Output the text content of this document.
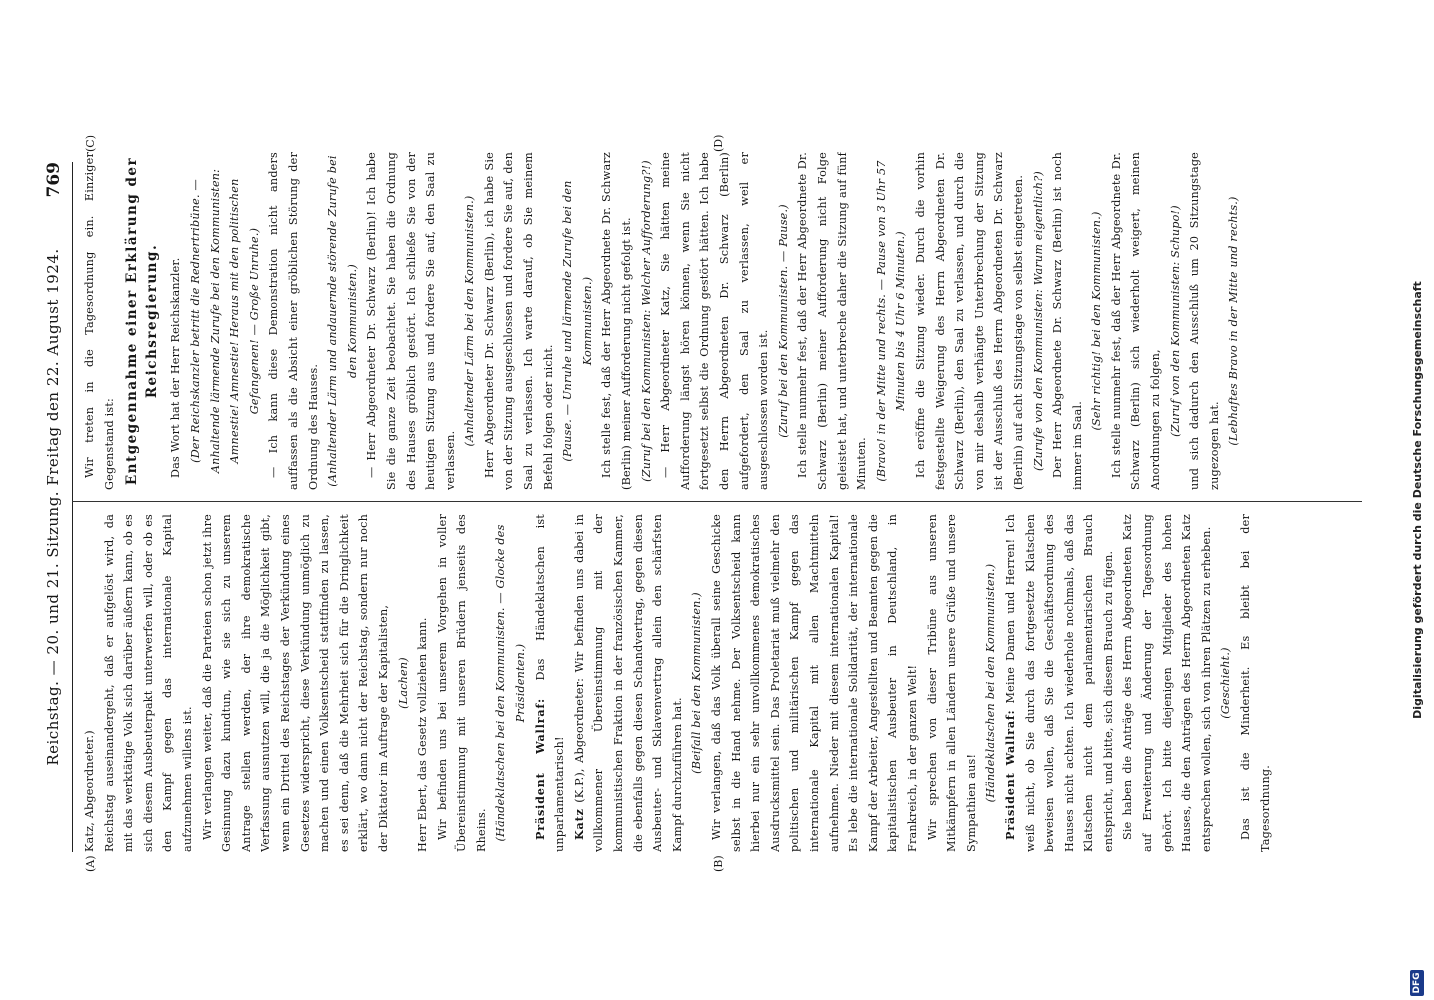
Reichstag. — 20. und 21. Sitzung. Freitag den 22. August 1924.
769
(A)	(B)
(C)	(D)

Katz, Abgeordneter.) Reichstag auseinandergeht, daß er aufgelöst wird, da mit das werktätige Volk sich darüber äußern kann, ob es sich diesem Ausbeuterpakt unterwerfen will, oder ob es den Kampf gegen das internationale Kapital aufzunehmen willens ist. Wir verlangen weiter, daß die Parteien schon jetzt ihre Gesinnung dazu kundtun, wie sie sich zu unserem Antrage stellen werden, der ihre demokratische Verfassung ausnutzen will, die ja die Möglichkeit gibt, wenn ein Drittel des Reichstages der Verkündung eines Gesetzes widerspricht, diese Verkündung unmöglich zu machen und einen Volksentscheid stattfinden zu lassen, es sei denn, daß die Mehrheit sich für die Dringlichkeit erklärt, wo dann nicht der Reichstag, sondern nur noch der Diktator im Auftrage der Kapitalisten, (Lachen) Herr Ebert, das Gesetz vollziehen kann. Wir befinden uns bei unserem Vorgehen in voller Übereinstimmung mit unseren Brüdern jenseits des Rheins. (Händeklatschen bei den Kommunisten. — Glocke des Präsidenten.)

Präsident Wallraf: Das Händeklatschen ist unparlamentarisch! Katz (K.P.), Abgeordneter: Wir befinden uns dabei in vollkommener Übereinstimmung mit der kommunistischen Fraktion in der französischen Kammer, die ebenfalls gegen diesen Schandvertrag, gegen diesen Ausbeuter- und Sklavenvertrag allein den schärfsten Kampf durchzuführen hat.

(Beifall bei den Kommunisten.) Wir verlangen, daß das Volk überall seine Geschicke selbst in die Hand nehme. Der Volksentscheid kann hierbei nur ein sehr unvollkommenes demokratisches Ausdrucksmittel sein. Das Proletariat muß vielmehr den politischen und militärischen Kampf gegen das internationale Kapital mit allen Machtmitteln aufnehmen. Nieder mit diesem internationalen Kapital! Es lebe die internationale Solidarität, der internationale Kampf der Arbeiter, Angestellten und Beamten gegen die kapitalistischen Ausbeuter in Deutschland, in Frankreich, in der ganzen Welt! Wir sprechen von dieser Tribüne aus unseren Mitkämpfern in allen Ländern unsere Grüße und unsere Sympathien aus!

(Händeklatschen bei den Kommunisten.) Präsident Wallraf: Meine Damen und Herren! Ich weiß nicht, ob Sie durch das fortgesetzte Klatschen beweisen wollen, daß Sie die Geschäftsordnung des Hauses nicht achten. Ich wiederhole nochmals, daß das Klatschen nicht dem parlamentarischen Brauch entspricht, und bitte, sich diesem Brauch zu fügen. Sie haben die Anträge des Herrn Abgeordneten Katz auf Erweiterung und Änderung der Tagesordnung gehört. Ich bitte diejenigen Mitglieder des hohen Hauses, die den Anträgen des Herrn Abgeordneten Katz entsprechen wollen, sich von ihren Plätzen zu erheben. (Geschieht.) Das ist die Minderheit. Es bleibt bei der Tagesordnung.

Wir treten in die Tagesordnung ein. Einziger Gegenstand ist: Entgegennahme einer Erklärung der Reichsregierung. Das Wort hat der Herr Reichskanzler. (Der Reichskanzler betritt die Rednertribüne. — Anhaltende lärmende Zurufe bei den Kommunisten: Amnestie! Amnestie! Heraus mit den politischen Gefangenen! — Große Unruhe.) — Ich kann diese Demonstration nicht anders auffassen als die Absicht einer gröblichen Störung der Ordnung des Hauses. (Anhaltender Lärm und andauernde störende Zurufe bei den Kommunisten.) — Herr Abgeordneter Dr. Schwarz (Berlin)! Ich habe Sie die ganze Zeit beobachtet. Sie haben die Ordnung des Hauses gröblich gestört. Ich schließe Sie von der heutigen Sitzung aus und fordere Sie auf, den Saal zu verlassen.

(Anhaltender Lärm bei den Kommunisten.) Herr Abgeordneter Dr. Schwarz (Berlin), ich habe Sie von der Sitzung ausgeschlossen und fordere Sie auf, den Saal zu verlassen. Ich warte darauf, ob Sie meinem Befehl folgen oder nicht. (Pause. — Unruhe und lärmende Zurufe bei den Kommunisten.) Ich stelle fest, daß der Herr Abgeordnete Dr. Schwarz (Berlin) meiner Aufforderung nicht gefolgt ist. (Zuruf bei den Kommunisten: Welcher Aufforderung?!) — Herr Abgeordneter Katz, Sie hätten meine Aufforderung längst hören können, wenn Sie nicht fortgesetzt selbst die Ordnung gestört hätten. Ich habe den Herrn Abgeordneten Dr. Schwarz (Berlin) aufgefordert, den Saal zu verlassen, weil er ausgeschlossen worden ist. (Zuruf bei den Kommunisten. — Pause.) Ich stelle nunmehr fest, daß der Herr Abgeordnete Dr. Schwarz (Berlin) meiner Aufforderung nicht Folge geleistet hat, und unterbreche daher die Sitzung auf fünf Minuten. (Bravo! in der Mitte und rechts. — Pause von 3 Uhr 57 Minuten bis 4 Uhr 6 Minuten.) Ich eröffne die Sitzung wieder. Durch die vorhin festgestellte Weigerung des Herrn Abgeordneten Dr. Schwarz (Berlin), den Saal zu verlassen, und durch die von mir deshalb verhängte Unterbrechung der Sitzung ist der Ausschluß des Herrn Abgeordneten Dr. Schwarz (Berlin) auf acht Sitzungstage von selbst eingetreten. (Zurufe von den Kommunisten: Warum eigentlich?) Der Herr Abgeordnete Dr. Schwarz (Berlin) ist noch immer im Saal.

(Sehr richtig! bei den Kommunisten.) Ich stelle nunmehr fest, daß der Herr Abgeordnete Dr. Schwarz (Berlin) sich wiederholt weigert, meinen Anordnungen zu folgen, (Zuruf von den Kommunisten: Schupo!) und sich dadurch den Ausschluß um 20 Sitzungstage zugezogen hat. (Lebhaftes Bravo in der Mitte und rechts.)

DFG
Digitalisierung gefördert durch die Deutsche Forschungsgemeinschaft
